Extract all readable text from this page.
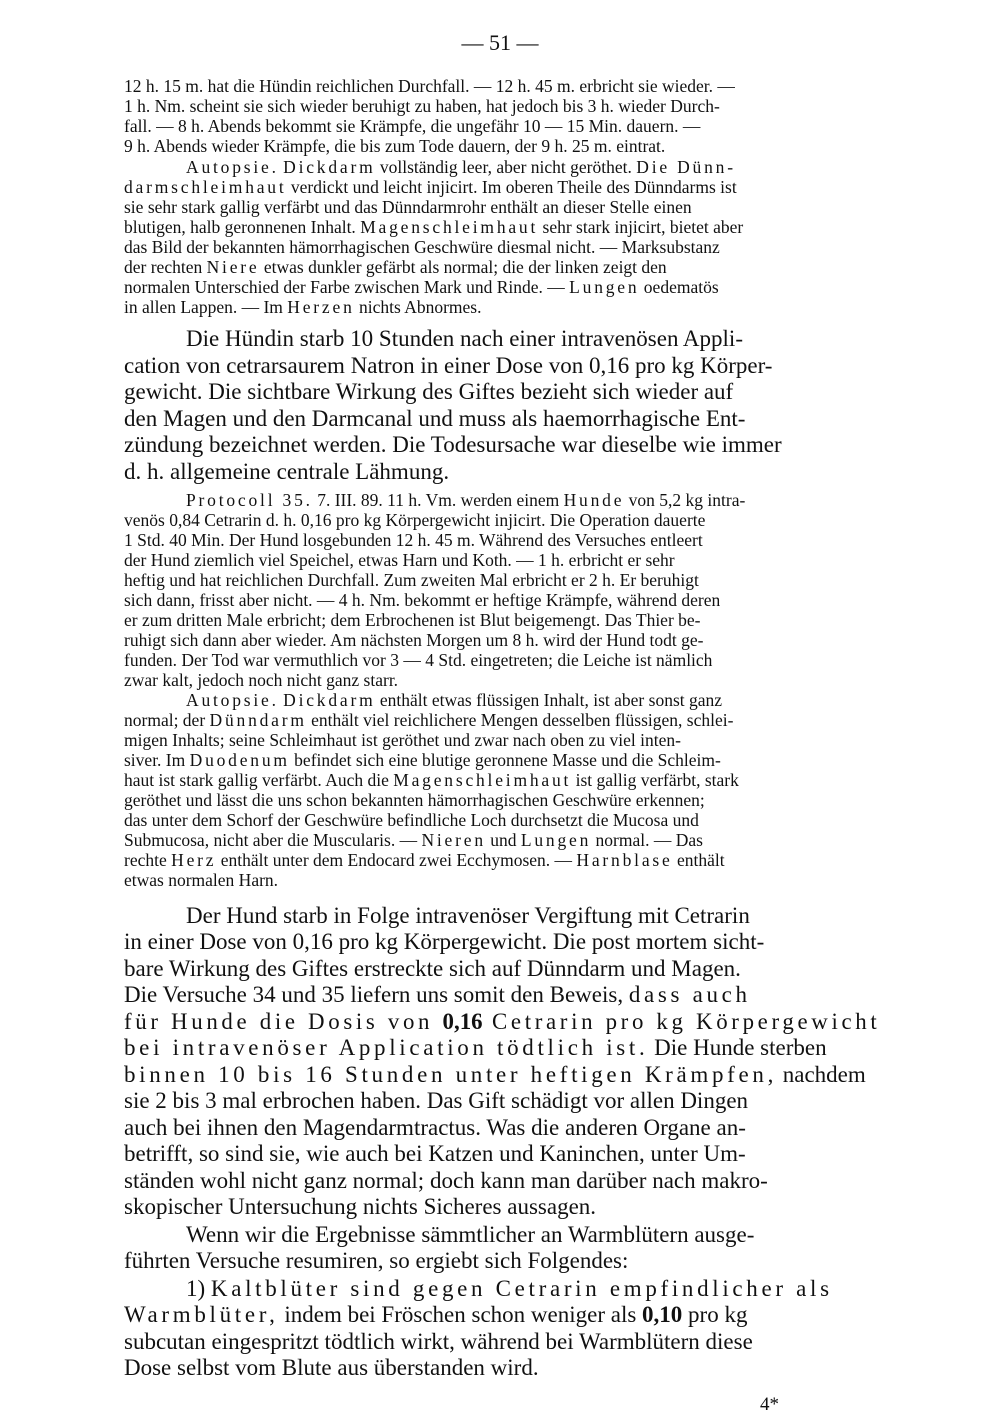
— 51 —
12 h. 15 m. hat die Hündin reichlichen Durchfall. — 12 h. 45 m. erbricht sie wieder. —
1 h. Nm. scheint sie sich wieder beruhigt zu haben, hat jedoch bis 3 h. wieder Durch-
fall. — 8 h. Abends bekommt sie Krämpfe, die ungefähr 10 — 15 Min. dauern. —
9 h. Abends wieder Krämpfe, die bis zum Tode dauern, der 9 h. 25 m. eintrat.
Autopsie. Dickdarm vollständig leer, aber nicht geröthet. Die Dünn-
darmschleimhaut verdickt und leicht injicirt. Im oberen Theile des Dünndarms ist
sie sehr stark gallig verfärbt und das Dünndarmrohr enthält an dieser Stelle einen
blutigen, halb geronnenen Inhalt. Magenschleimhaut sehr stark injicirt, bietet aber
das Bild der bekannten hämorrhagischen Geschwüre diesmal nicht. — Marksubstanz
der rechten Niere etwas dunkler gefärbt als normal; die der linken zeigt den
normalen Unterschied der Farbe zwischen Mark und Rinde. — Lungen oedematös
in allen Lappen. — Im Herzen nichts Abnormes.
Die Hündin starb 10 Stunden nach einer intravenösen Appli-
cation von cetrarsaurem Natron in einer Dose von 0,16 pro kg Körper-
gewicht. Die sichtbare Wirkung des Giftes bezieht sich wieder auf
den Magen und den Darmcanal und muss als haemorrhagische Ent-
zündung bezeichnet werden. Die Todesursache war dieselbe wie immer
d. h. allgemeine centrale Lähmung.
Protocoll 35. 7. III. 89. 11 h. Vm. werden einem Hunde von 5,2 kg intra-
venös 0,84 Cetrarin d. h. 0,16 pro kg Körpergewicht injicirt. Die Operation dauerte
1 Std. 40 Min. Der Hund losgebunden 12 h. 45 m. Während des Versuches entleert
der Hund ziemlich viel Speichel, etwas Harn und Koth. — 1 h. erbricht er sehr
heftig und hat reichlichen Durchfall. Zum zweiten Mal erbricht er 2 h. Er beruhigt
sich dann, frisst aber nicht. — 4 h. Nm. bekommt er heftige Krämpfe, während deren
er zum dritten Male erbricht; dem Erbrochenen ist Blut beigemengt. Das Thier be-
ruhigt sich dann aber wieder. Am nächsten Morgen um 8 h. wird der Hund todt ge-
funden. Der Tod war vermuthlich vor 3 — 4 Std. eingetreten; die Leiche ist nämlich
zwar kalt, jedoch noch nicht ganz starr.
Autopsie. Dickdarm enthält etwas flüssigen Inhalt, ist aber sonst ganz
normal; der Dünndarm enthält viel reichlichere Mengen desselben flüssigen, schlei-
migen Inhalts; seine Schleimhaut ist geröthet und zwar nach oben zu viel inten-
siver. Im Duodenum befindet sich eine blutige geronnene Masse und die Schleim-
haut ist stark gallig verfärbt. Auch die Magenschleimhaut ist gallig verfärbt, stark
geröthet und lässt die uns schon bekannten hämorrhagischen Geschwüre erkennen;
das unter dem Schorf der Geschwüre befindliche Loch durchsetzt die Mucosa und
Submucosa, nicht aber die Muscularis. — Nieren und Lungen normal. — Das
rechte Herz enthält unter dem Endocard zwei Ecchymosen. — Harnblase enthält
etwas normalen Harn.
Der Hund starb in Folge intravenöser Vergiftung mit Cetrarin
in einer Dose von 0,16 pro kg Körpergewicht. Die post mortem sicht-
bare Wirkung des Giftes erstreckte sich auf Dünndarm und Magen.
Die Versuche 34 und 35 liefern uns somit den Beweis, dass auch
für Hunde die Dosis von 0,16 Cetrarin pro kg Körpergewicht
bei intravenöser Application tödtlich ist. Die Hunde sterben
binnen 10 bis 16 Stunden unter heftigen Krämpfen, nachdem
sie 2 bis 3 mal erbrochen haben. Das Gift schädigt vor allen Dingen
auch bei ihnen den Magendarmtractus. Was die anderen Organe an-
betrifft, so sind sie, wie auch bei Katzen und Kaninchen, unter Um-
ständen wohl nicht ganz normal; doch kann man darüber nach makro-
skopischer Untersuchung nichts Sicheres aussagen.
Wenn wir die Ergebnisse sämmtlicher an Warmblütern ausge-
führten Versuche resumiren, so ergiebt sich Folgendes:
1) Kaltblüter sind gegen Cetrarin empfindlicher als
Warmblüter, indem bei Fröschen schon weniger als 0,10 pro kg
subcutan eingespritzt tödtlich wirkt, während bei Warmblütern diese
Dose selbst vom Blute aus überstanden wird.
4*
